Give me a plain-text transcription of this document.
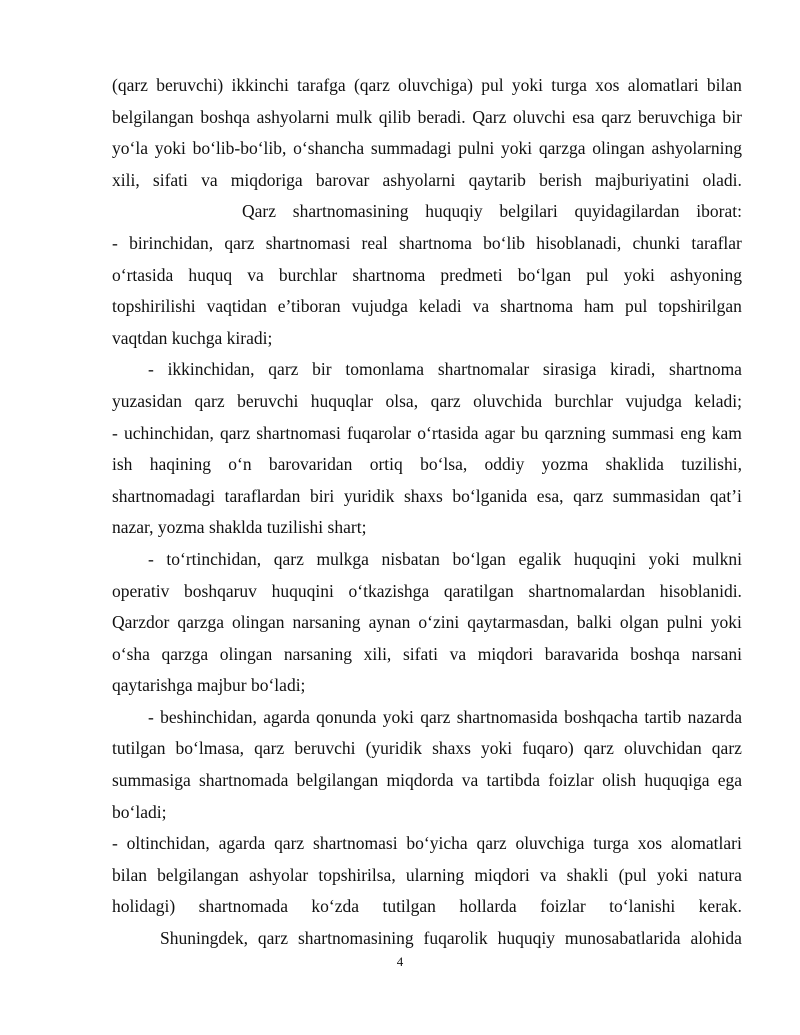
(qarz beruvchi) ikkinchi tarafga (qarz oluvchiga) pul yoki turga xos alomatlari bilan
belgilangan boshqa ashyolarni mulk qilib beradi. Qarz oluvchi esa qarz beruvchiga bir
yo‘la yoki bo‘lib-bo‘lib, o‘shancha summadagi pulni yoki qarzga olingan ashyolarning
xili, sifati va miqdoriga barovar ashyolarni qaytarib berish majburiyatini oladi.
Qarz shartnomasining huquqiy belgilari quyidagilardan iborat:
- birinchidan, qarz shartnomasi real shartnoma bo‘lib hisoblanadi, chunki taraflar
o‘rtasida huquq va burchlar shartnoma predmeti bo‘lgan pul yoki ashyoning
topshirilishi vaqtidan e’tiboran vujudga keladi va shartnoma ham pul topshirilgan
vaqtdan kuchga kiradi;
- ikkinchidan, qarz bir tomonlama shartnomalar sirasiga kiradi, shartnoma
yuzasidan qarz beruvchi huquqlar olsa, qarz oluvchida burchlar vujudga keladi;
- uchinchidan, qarz shartnomasi fuqarolar o‘rtasida agar bu qarzning summasi eng kam
ish haqining o‘n barovaridan ortiq bo‘lsa, oddiy yozma shaklida tuzilishi,
shartnomadagi taraflardan biri yuridik shaxs bo‘lganida esa, qarz summasidan qat’i
nazar, yozma shaklda tuzilishi shart;
- to‘rtinchidan, qarz mulkga nisbatan bo‘lgan egalik huquqini yoki mulkni
operativ boshqaruv huquqini o‘tkazishga qaratilgan shartnomalardan hisoblanidi.
Qarzdor qarzga olingan narsaning aynan o‘zini qaytarmasdan, balki olgan pulni yoki
o‘sha qarzga olingan narsaning xili, sifati va miqdori baravarida boshqa narsani
qaytarishga majbur bo‘ladi;
- beshinchidan, agarda qonunda yoki qarz shartnomasida boshqacha tartib nazarda
tutilgan bo‘lmasa, qarz beruvchi (yuridik shaxs yoki fuqaro) qarz oluvchidan qarz
summasiga shartnomada belgilangan miqdorda va tartibda foizlar olish huquqiga ega
bo‘ladi;
- oltinchidan, agarda qarz shartnomasi bo‘yicha qarz oluvchiga turga xos alomatlari
bilan belgilangan ashyolar topshirilsa, ularning miqdori va shakli (pul yoki natura
holidagi) shartnomada ko‘zda tutilgan hollarda foizlar to‘lanishi kerak.
Shuningdek, qarz shartnomasining fuqarolik huquqiy munosabatlarida alohida
4
